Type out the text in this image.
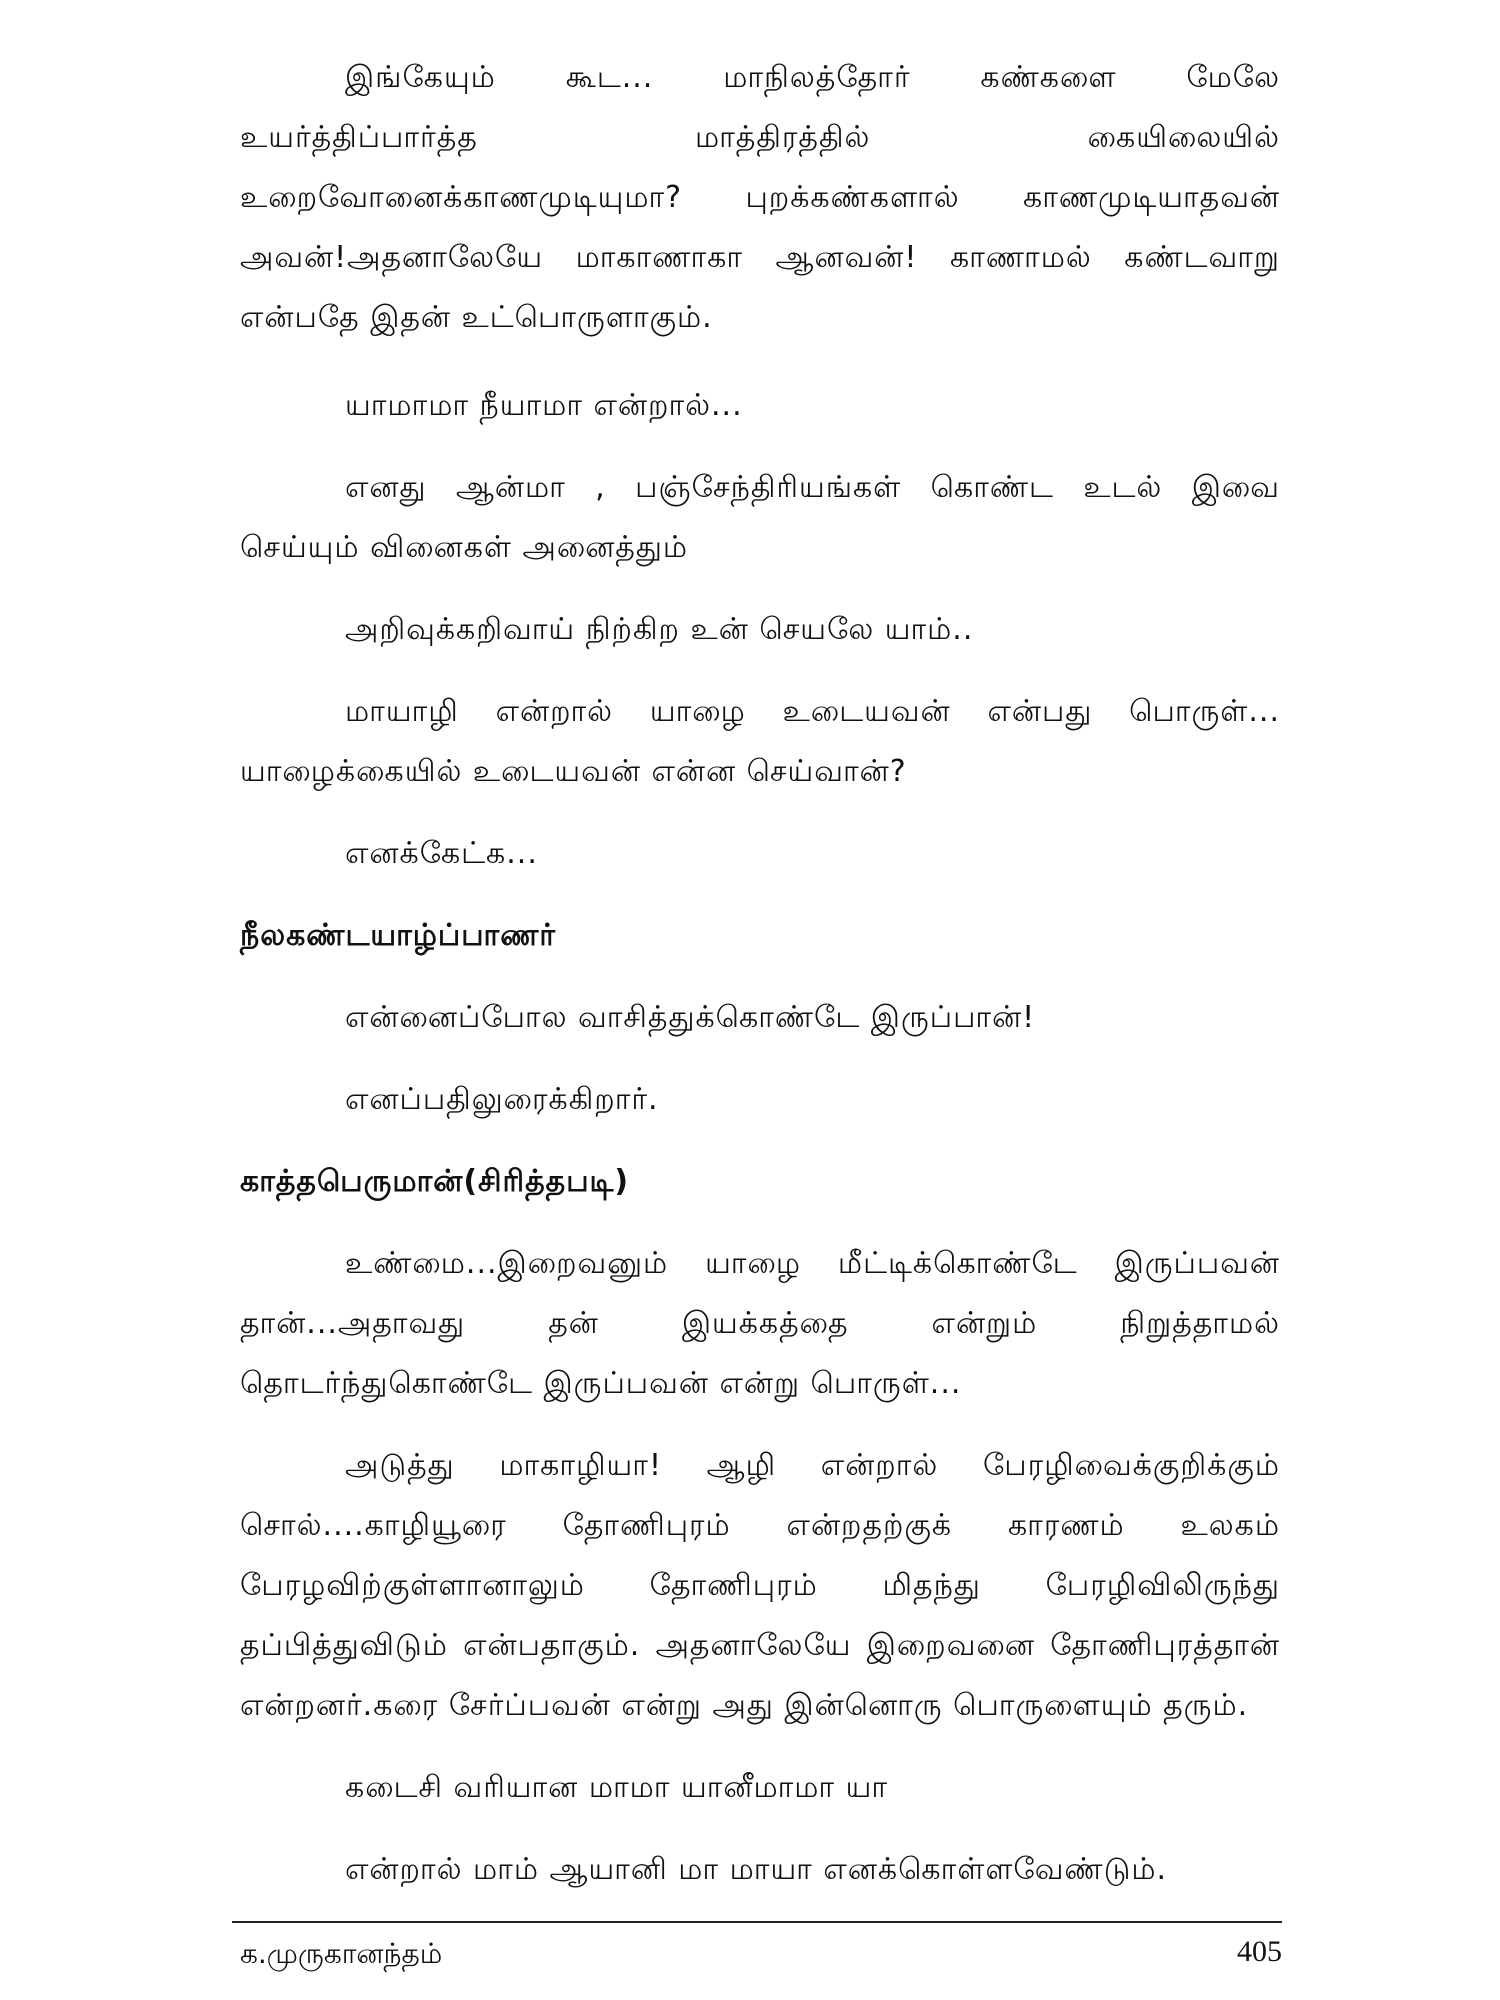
இங்கேயும் கூட... மாநிலத்தோர் கண்களை மேலே உயர்த்திப்பார்த்த மாத்திரத்தில் கையிலையில் உறைவோனைக்காணமுடியுமா? புறக்கண்களால் காணமுடியாதவன் அவன்!அதனாலேயே மாகாணாகா ஆனவன்! காணாமல் கண்டவாறு என்பதே இதன் உட்பொருளாகும்.

யாமாமா நீயாமா என்றால்...

எனது ஆன்மா , பஞ்சேந்திரியங்கள் கொண்ட உடல் இவை செய்யும் வினைகள் அனைத்தும்

அறிவுக்கறிவாய் நிற்கிற உன் செயலே யாம்..

மாயாழி என்றால் யாழை உடையவன் என்பது பொருள்... யாழைக்கையில் உடையவன் என்ன செய்வான்?

எனக்கேட்க...

நீலகண்டயாழ்ப்பாணர்

என்னைப்போல வாசித்துக்கொண்டே இருப்பான்!

எனப்பதிலுரைக்கிறார்.

காத்தபெருமான்(சிரித்தபடி)

உண்மை...இறைவனும் யாழை மீட்டிக்கொண்டே இருப்பவன் தான்...அதாவது தன் இயக்கத்தை என்றும் நிறுத்தாமல் தொடர்ந்துகொண்டே இருப்பவன் என்று பொருள்...

அடுத்து மாகாழியா! ஆழி என்றால் பேரழிவைக்குறிக்கும் சொல்....காழியூரை தோணிபுரம் என்றதற்குக் காரணம் உலகம் பேரழவிற்குள்ளானாலும் தோணிபுரம் மிதந்து பேரழிவிலிருந்து தப்பித்துவிடும் என்பதாகும். அதனாலேயே இறைவனை தோணிபுரத்தான் என்றனர்.கரை சேர்ப்பவன் என்று அது இன்னொரு பொருளையும் தரும்.

கடைசி வரியான மாமா யானீமாமா யா

என்றால் மாம் ஆயானி மா மாயா எனக்கொள்ளவேண்டும்.

க.முருகானந்தம்	405
